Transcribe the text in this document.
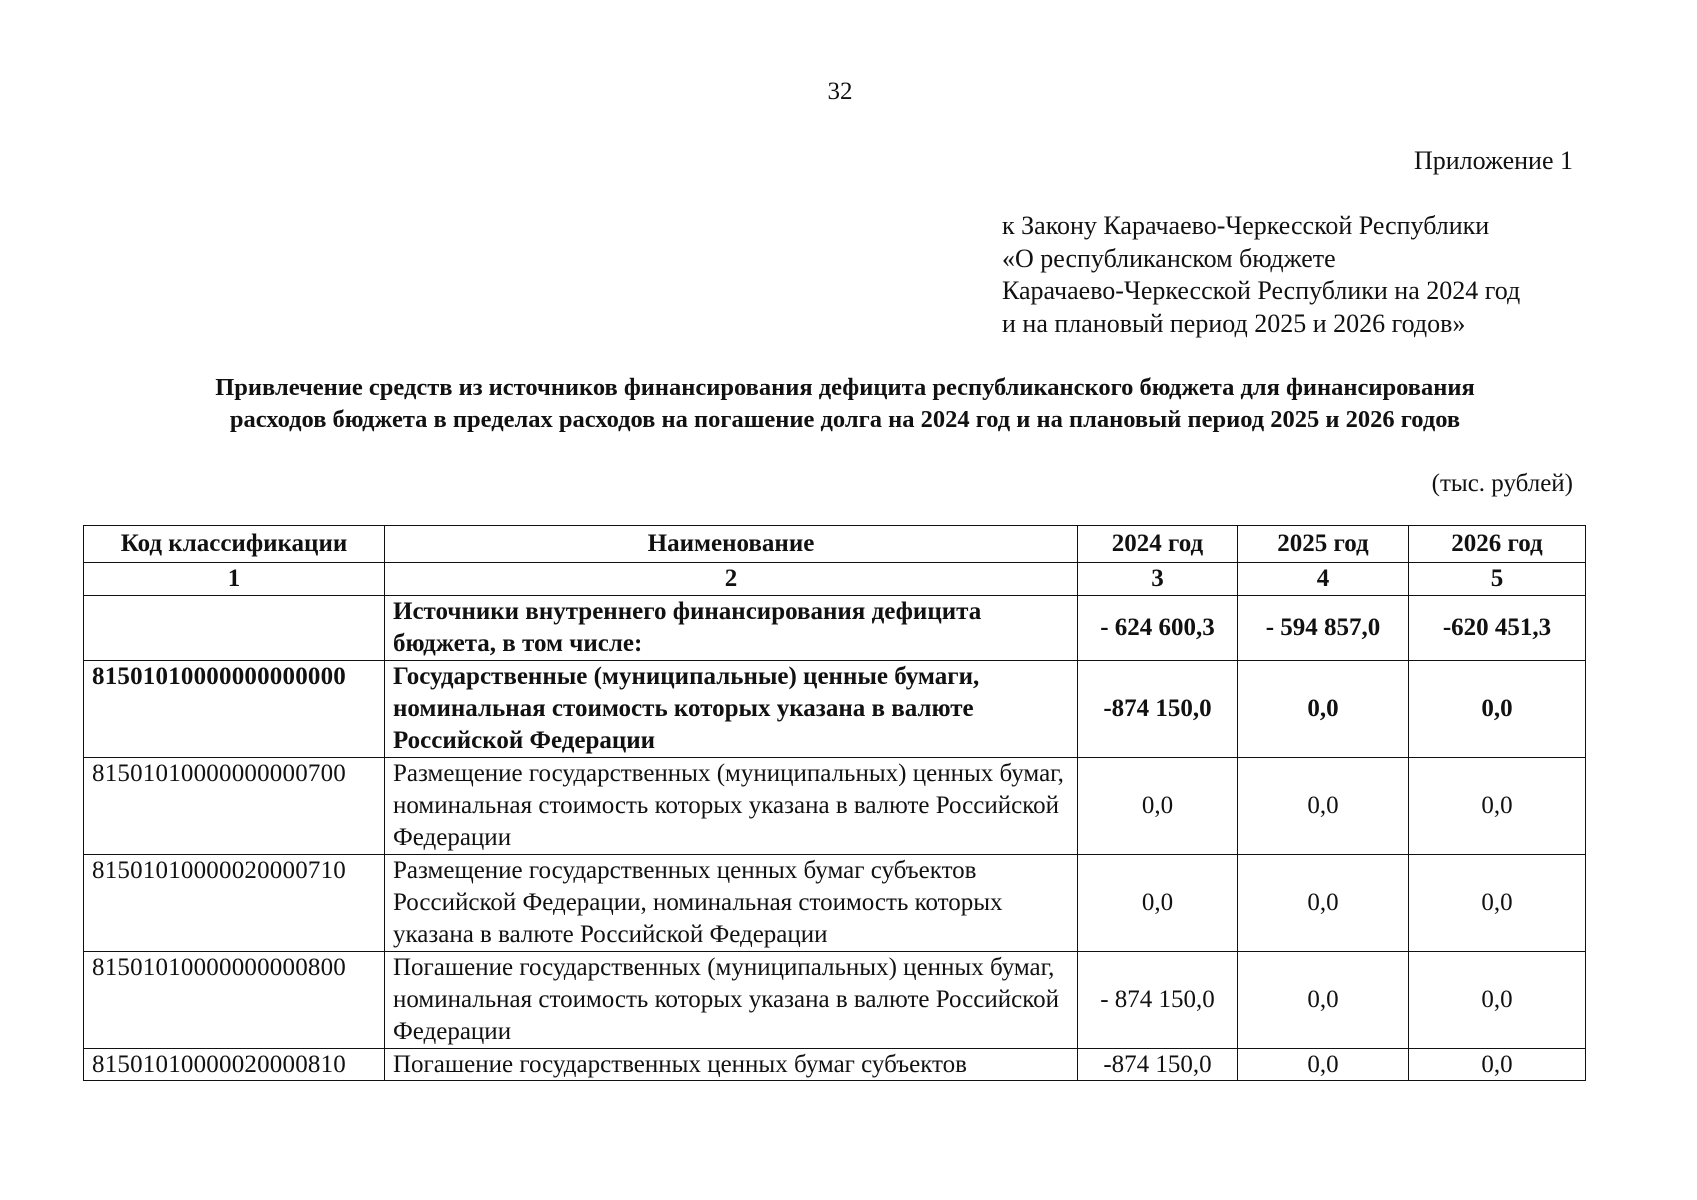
32
Приложение 1
к Закону Карачаево-Черкесской Республики
«О республиканском бюджете
Карачаево-Черкесской Республики на 2024 год
и на плановый период 2025 и 2026 годов»
Привлечение средств из источников финансирования дефицита республиканского бюджета для финансирования
расходов бюджета в пределах расходов на погашение долга на 2024 год и на плановый период 2025 и 2026 годов
(тыс. рублей)
Код классификации	Наименование	2024 год	2025 год	2026 год
1	2	3	4	5
	Источники внутреннего финансирования дефицита бюджета, в том числе:	- 624 600,3	- 594 857,0	-620 451,3
81501010000000000000	Государственные (муниципальные) ценные бумаги, номинальная стоимость которых указана в валюте Российской Федерации	-874 150,0	0,0	0,0
81501010000000000700	Размещение государственных (муниципальных) ценных бумаг, номинальная стоимость которых указана в валюте Российской Федерации	0,0	0,0	0,0
81501010000020000710	Размещение государственных ценных бумаг субъектов Российской Федерации, номинальная стоимость которых указана в валюте Российской Федерации	0,0	0,0	0,0
81501010000000000800	Погашение государственных (муниципальных) ценных бумаг, номинальная стоимость которых указана в валюте Российской Федерации	- 874 150,0	0,0	0,0
81501010000020000810	Погашение государственных ценных бумаг субъектов	-874 150,0	0,0	0,0
